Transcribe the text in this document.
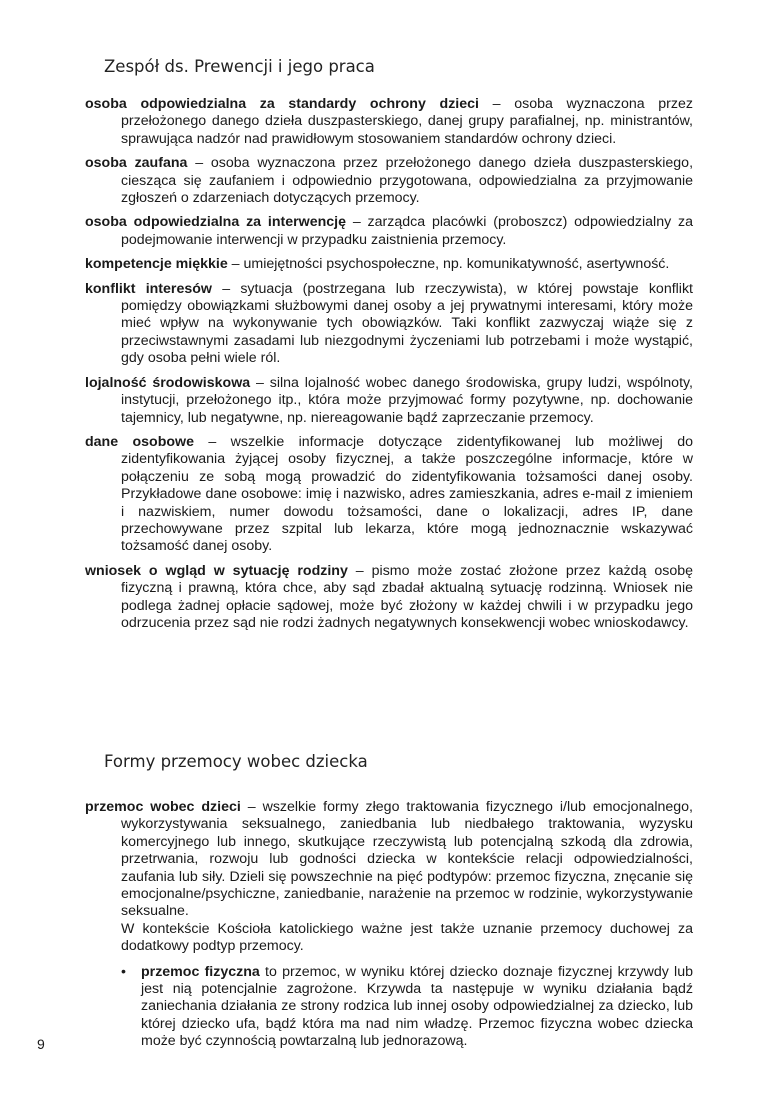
Zespół ds. Prewencji i jego praca

osoba odpowiedzialna za standardy ochrony dzieci – osoba wyznaczona przez przełożonego danego dzieła duszpasterskiego, danej grupy parafialnej, np. ministrantów, sprawująca nadzór nad prawidłowym stosowaniem standardów ochrony dzieci.

osoba zaufana – osoba wyznaczona przez przełożonego danego dzieła duszpasterskiego, ciesząca się zaufaniem i odpowiednio przygotowana, odpowiedzialna za przyjmowanie zgłoszeń o zdarzeniach dotyczących przemocy.

osoba odpowiedzialna za interwencję – zarządca placówki (proboszcz) odpowiedzialny za podejmowanie interwencji w przypadku zaistnienia przemocy.

kompetencje miękkie – umiejętności psychospołeczne, np. komunikatywność, asertywność.

konflikt interesów – sytuacja (postrzegana lub rzeczywista), w której powstaje konflikt pomiędzy obowiązkami służbowymi danej osoby a jej prywatnymi interesami, który może mieć wpływ na wykonywanie tych obowiązków. Taki konflikt zazwyczaj wiąże się z przeciwstawnymi zasadami lub niezgodnymi życzeniami lub potrzebami i może wystąpić, gdy osoba pełni wiele ról.

lojalność środowiskowa – silna lojalność wobec danego środowiska, grupy ludzi, wspólnoty, instytucji, przełożonego itp., która może przyjmować formy pozytywne, np. dochowanie tajemnicy, lub negatywne, np. niereagowanie bądź zaprzeczanie przemocy.

dane osobowe – wszelkie informacje dotyczące zidentyfikowanej lub możliwej do zidentyfikowania żyjącej osoby fizycznej, a także poszczególne informacje, które w połączeniu ze sobą mogą prowadzić do zidentyfikowania tożsamości danej osoby. Przykładowe dane osobowe: imię i nazwisko, adres zamieszkania, adres e-mail z imieniem i nazwiskiem, numer dowodu tożsamości, dane o lokalizacji, adres IP, dane przechowywane przez szpital lub lekarza, które mogą jednoznacznie wskazywać tożsamość danej osoby.

wniosek o wgląd w sytuację rodziny – pismo może zostać złożone przez każdą osobę fizyczną i prawną, która chce, aby sąd zbadał aktualną sytuację rodzinną. Wniosek nie podlega żadnej opłacie sądowej, może być złożony w każdej chwili i w przypadku jego odrzucenia przez sąd nie rodzi żadnych negatywnych konsekwencji wobec wnioskodawcy.

Formy przemocy wobec dziecka

przemoc wobec dzieci – wszelkie formy złego traktowania fizycznego i/lub emocjonalnego, wykorzystywania seksualnego, zaniedbania lub niedbałego traktowania, wyzysku komercyjnego lub innego, skutkujące rzeczywistą lub potencjalną szkodą dla zdrowia, przetrwania, rozwoju lub godności dziecka w kontekście relacji odpowiedzialności, zaufania lub siły. Dzieli się powszechnie na pięć podtypów: przemoc fizyczna, znęcanie się emocjonalne/psychiczne, zaniedbanie, narażenie na przemoc w rodzinie, wykorzystywanie seksualne.

W kontekście Kościoła katolickiego ważne jest także uznanie przemocy duchowej za dodatkowy podtyp przemocy.

• przemoc fizyczna to przemoc, w wyniku której dziecko doznaje fizycznej krzywdy lub jest nią potencjalnie zagrożone. Krzywda ta następuje w wyniku działania bądź zaniechania działania ze strony rodzica lub innej osoby odpowiedzialnej za dziecko, lub której dziecko ufa, bądź która ma nad nim władzę. Przemoc fizyczna wobec dziecka może być czynnością powtarzalną lub jednorazową.
9
